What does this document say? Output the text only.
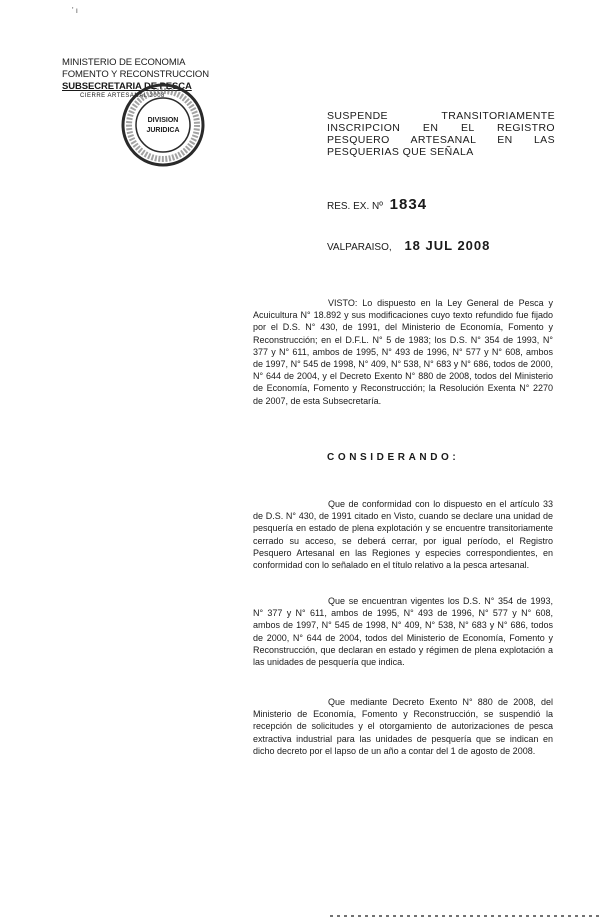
' ı
MINISTERIO DE ECONOMIA
FOMENTO Y RECONSTRUCCION
SUBSECRETARIA DE PESCA
CIERRE ARTESANAL 2008
DIVISION
JURIDICA
SUSPENDE TRANSITORIAMENTE
INSCRIPCION EN EL REGISTRO
PESQUERO ARTESANAL EN LAS
PESQUERIAS QUE SEÑALA
RES. EX. Nº 1834
VALPARAISO, 18 JUL 2008
VISTO: Lo dispuesto en la Ley General de Pesca y Acuicultura N° 18.892 y sus modificaciones cuyo texto refundido fue fijado por el D.S. N° 430, de 1991, del Ministerio de Economía, Fomento y Reconstrucción; en el D.F.L. N° 5 de 1983; los D.S. N° 354 de 1993, N° 377 y N° 611, ambos de 1995, N° 493 de 1996, N° 577 y N° 608, ambos de 1997, N° 545 de 1998, N° 409, N° 538, N° 683 y N° 686, todos de 2000, N° 644 de 2004, y el Decreto Exento N° 880 de 2008, todos del Ministerio de Economía, Fomento y Reconstrucción; la Resolución Exenta N° 2270 de 2007, de esta Subsecretaría.
CONSIDERANDO:
Que de conformidad con lo dispuesto en el artículo 33 de D.S. N° 430, de 1991 citado en Visto, cuando se declare una unidad de pesquería en estado de plena explotación y se encuentre transitoriamente cerrado su acceso, se deberá cerrar, por igual período, el Registro Pesquero Artesanal en las Regiones y especies correspondientes, en conformidad con lo señalado en el título relativo a la pesca artesanal.
Que se encuentran vigentes los D.S. N° 354 de 1993, N° 377 y N° 611, ambos de 1995, N° 493 de 1996, N° 577 y N° 608, ambos de 1997, N° 545 de 1998, N° 409, N° 538, N° 683 y N° 686, todos de 2000, N° 644 de 2004, todos del Ministerio de Economía, Fomento y Reconstrucción, que declaran en estado y régimen de plena explotación a las unidades de pesquería que indica.
Que mediante Decreto Exento N° 880 de 2008, del Ministerio de Economía, Fomento y Reconstrucción, se suspendió la recepción de solicitudes y el otorgamiento de autorizaciones de pesca extractiva industrial para las unidades de pesquería que se indican en dicho decreto por el lapso de un año a contar del 1 de agosto de 2008.
